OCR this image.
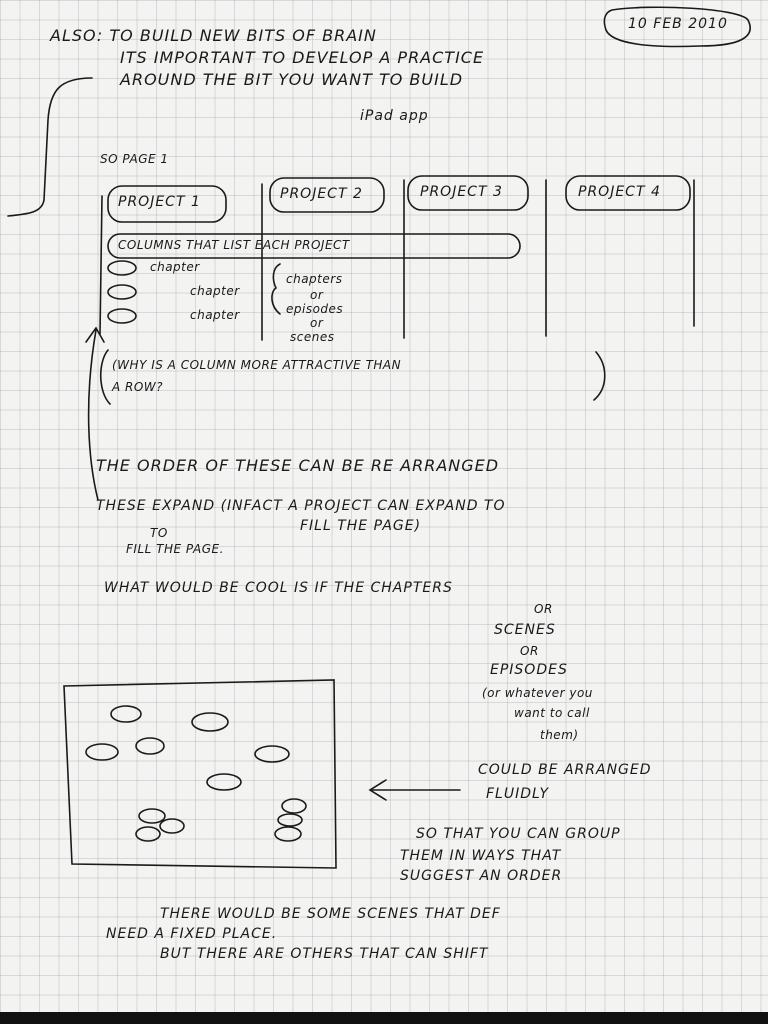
10 FEB 2010
ALSO: TO BUILD NEW BITS OF BRAIN
ITS IMPORTANT TO DEVELOP A PRACTICE
AROUND THE BIT YOU WANT TO BUILD
iPad app
SO PAGE 1
PROJECT 1	PROJECT 2	PROJECT 3	PROJECT 4
COLUMNS THAT LIST EACH PROJECT
chapter
chapter
chapter
chapters
or
episodes
or
scenes
(WHY IS A COLUMN MORE ATTRACTIVE THAN
A ROW?
THE ORDER OF THESE CAN BE RE ARRANGED
THESE EXPAND (INFACT A PROJECT CAN EXPAND TO
FILL THE PAGE)
TO
FILL THE PAGE.
WHAT WOULD BE COOL IS IF THE CHAPTERS
OR
SCENES
OR
EPISODES
(or whatever you
want to call
them)
COULD BE ARRANGED
FLUIDLY
SO THAT YOU CAN GROUP
THEM IN WAYS THAT
SUGGEST AN ORDER
THERE WOULD BE SOME SCENES THAT DEF
NEED A FIXED PLACE.
BUT THERE ARE OTHERS THAT CAN SHIFT
